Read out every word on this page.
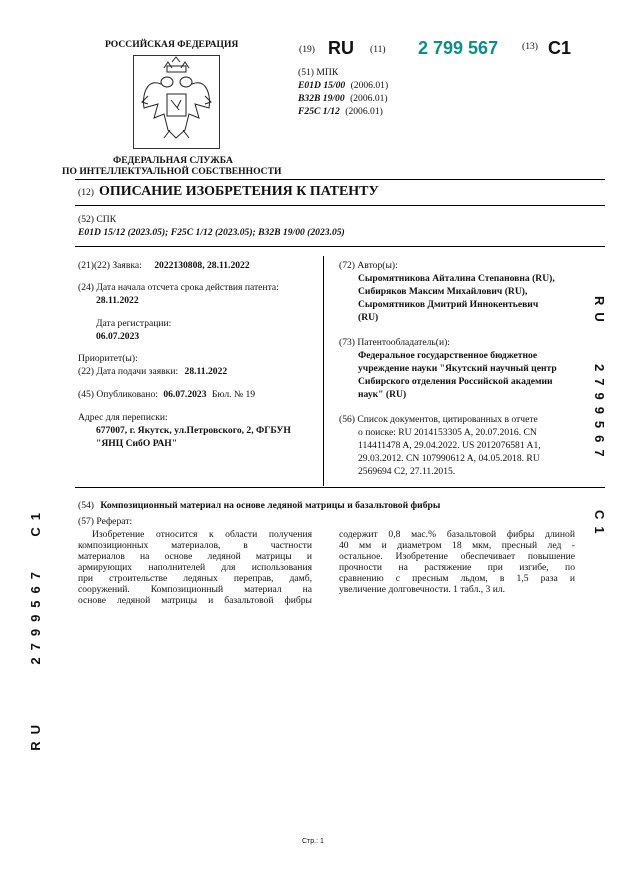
РОССИЙСКАЯ ФЕДЕРАЦИЯ	(19) RU (11) 2 799 567 (13) C1
(51) МПК
E01D 15/00 (2006.01)
B32B 19/00 (2006.01)
F25C 1/12 (2006.01)
ФЕДЕРАЛЬНАЯ СЛУЖБА
ПО ИНТЕЛЛЕКТУАЛЬНОЙ СОБСТВЕННОСТИ
(12) ОПИСАНИЕ ИЗОБРЕТЕНИЯ К ПАТЕНТУ
(52) СПК
E01D 15/12 (2023.05); F25C 1/12 (2023.05); B32B 19/00 (2023.05)
(21)(22) Заявка: 2022130808, 28.11.2022
(24) Дата начала отсчета срока действия патента:
28.11.2022
Дата регистрации:
06.07.2023
Приоритет(ы):
(22) Дата подачи заявки: 28.11.2022
(45) Опубликовано: 06.07.2023 Бюл. № 19
Адрес для переписки:
677007, г. Якутск, ул.Петровского, 2, ФГБУН
"ЯНЦ СибО РАН"
(72) Автор(ы):
Сыромятникова Айталина Степановна (RU),
Сибиряков Максим Михайлович (RU),
Сыромятников Дмитрий Иннокентьевич
(RU)
(73) Патентообладатель(и):
Федеральное государственное бюджетное
учреждение науки "Якутский научный центр
Сибирского отделения Российской академии
наук" (RU)
(56) Список документов, цитированных в отчете
о поиске: RU 2014153305 A, 20.07.2016. CN
114411478 A, 29.04.2022. US 2012076581 A1,
29.03.2012. CN 107990612 A, 04.05.2018. RU
2569694 C2, 27.11.2015.
(54) Композиционный материал на основе ледяной матрицы и базальтовой фибры
(57) Реферат:
Изобретение относится к области получения
композиционных материалов, в частности
материалов на основе ледяной матрицы и
армирующих наполнителей для использования
при строительстве ледяных переправ, дамб,
сооружений. Композиционный материал на
основе ледяной матрицы и базальтовой фибры
содержит 0,8 мас.% базальтовой фибры длиной
40 мм и диаметром 18 мкм, пресный лед -
остальное. Изобретение обеспечивает повышение
прочности на растяжение при изгибе, по
сравнению с пресным льдом, в 1,5 раза и
увеличение долговечности. 1 табл., 3 ил.
RU
2799567
C1
C1
2799567
RU
Стр.: 1
